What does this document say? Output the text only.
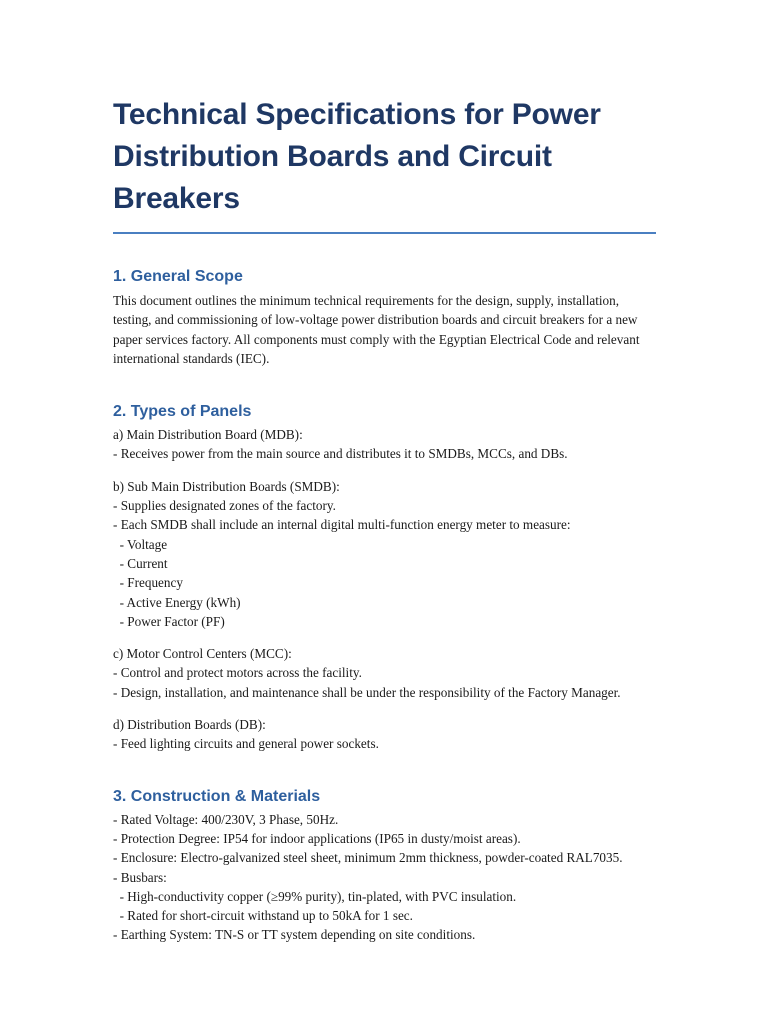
Technical Specifications for Power Distribution Boards and Circuit Breakers
1. General Scope

This document outlines the minimum technical requirements for the design, supply, installation, testing, and commissioning of low-voltage power distribution boards and circuit breakers for a new paper services factory. All components must comply with the Egyptian Electrical Code and relevant international standards (IEC).

2. Types of Panels
a) Main Distribution Board (MDB):
- Receives power from the main source and distributes it to SMDBs, MCCs, and DBs.
b) Sub Main Distribution Boards (SMDB):
- Supplies designated zones of the factory.
- Each SMDB shall include an internal digital multi-function energy meter to measure:
- Voltage
- Current
- Frequency
- Active Energy (kWh)
- Power Factor (PF)
c) Motor Control Centers (MCC):
- Control and protect motors across the facility.
- Design, installation, and maintenance shall be under the responsibility of the Factory Manager.
d) Distribution Boards (DB):
- Feed lighting circuits and general power sockets.
3. Construction & Materials
- Rated Voltage: 400/230V, 3 Phase, 50Hz.
- Protection Degree: IP54 for indoor applications (IP65 in dusty/moist areas).
- Enclosure: Electro-galvanized steel sheet, minimum 2mm thickness, powder-coated RAL7035.
- Busbars:
- High-conductivity copper (≥99% purity), tin-plated, with PVC insulation.
- Rated for short-circuit withstand up to 50kA for 1 sec.
- Earthing System: TN-S or TT system depending on site conditions.
